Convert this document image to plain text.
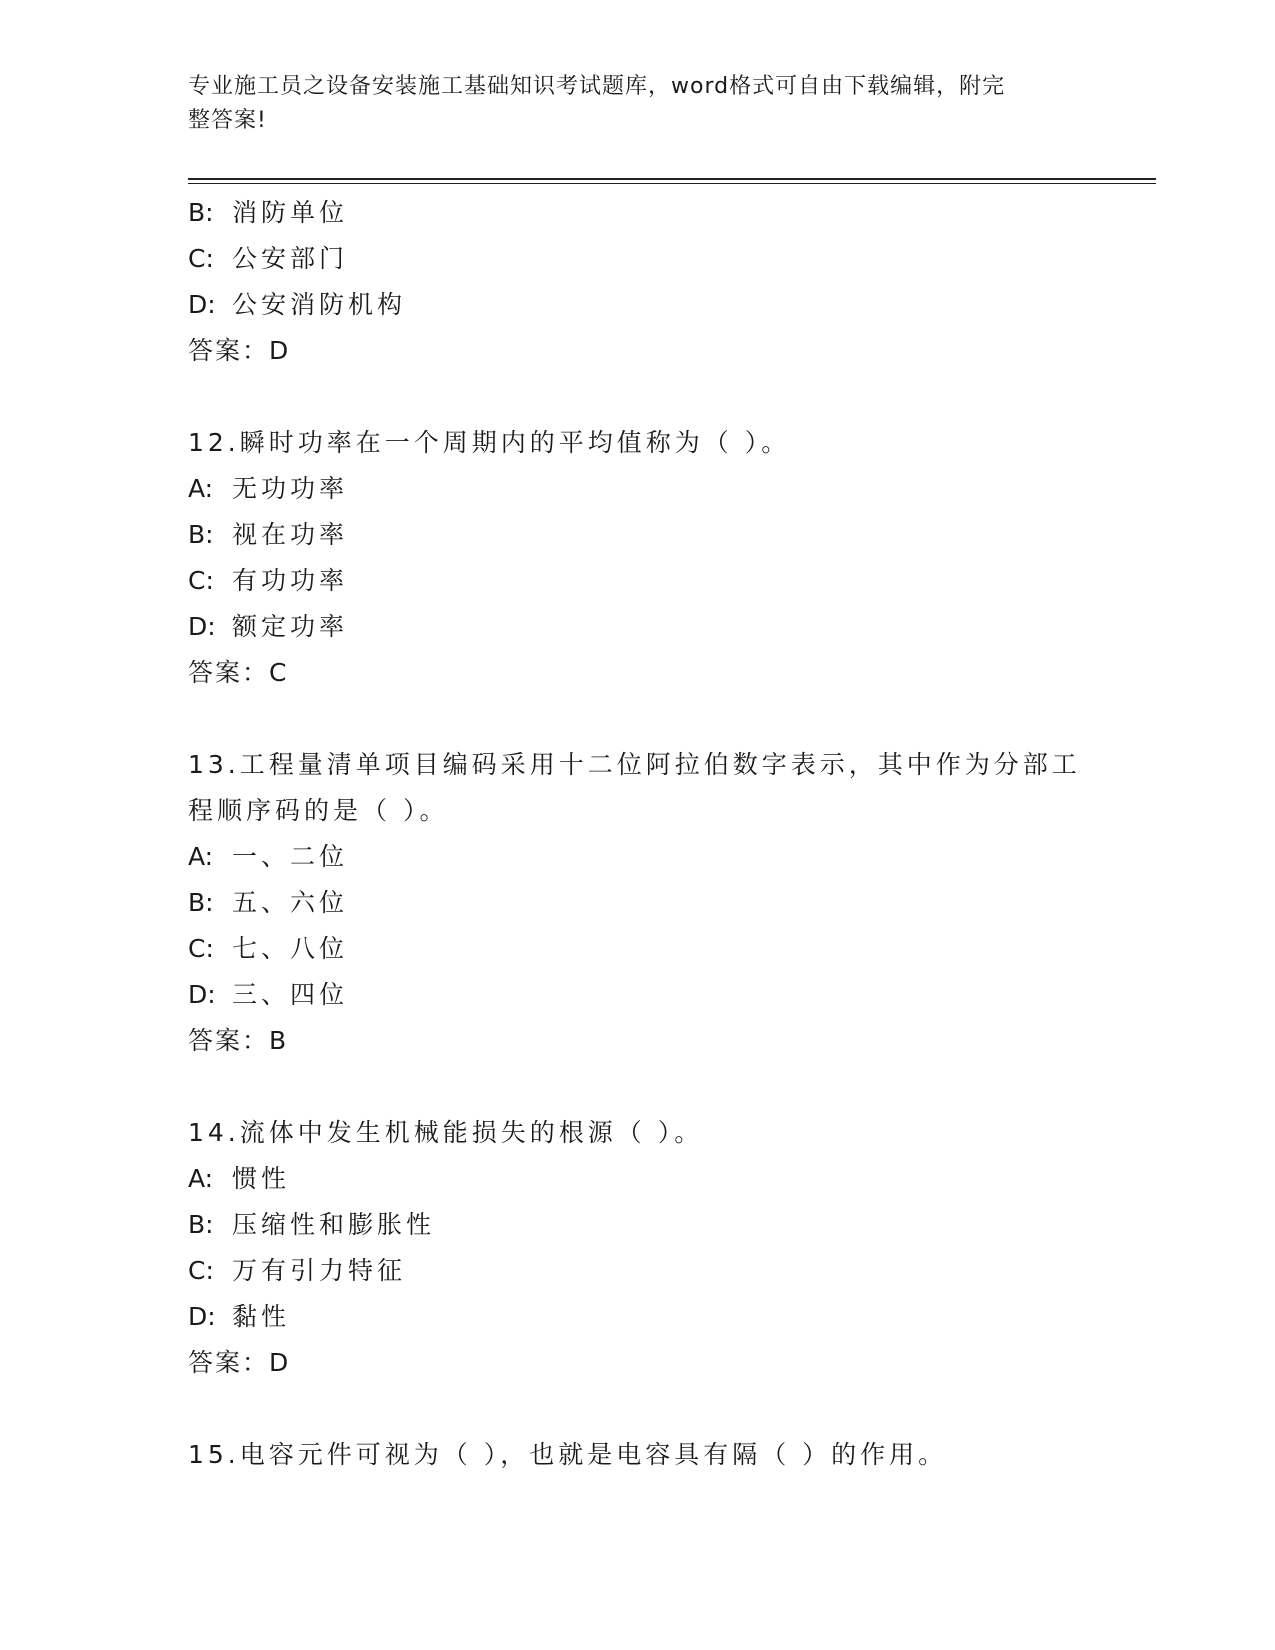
专业施工员之设备安装施工基础知识考试题库，word格式可自由下载编辑，附完
整答案!
B: 消防单位
C: 公安部门
D: 公安消防机构
答案：D
12.瞬时功率在一个周期内的平均值称为（ ）。
A: 无功功率
B: 视在功率
C: 有功功率
D: 额定功率
答案：C
13.工程量清单项目编码采用十二位阿拉伯数字表示，其中作为分部工
程顺序码的是（ ）。
A: 一、二位
B: 五、六位
C: 七、八位
D: 三、四位
答案：B
14.流体中发生机械能损失的根源（ ）。
A: 惯性
B: 压缩性和膨胀性
C: 万有引力特征
D: 黏性
答案：D
15.电容元件可视为（ ），也就是电容具有隔（ ）的作用。
